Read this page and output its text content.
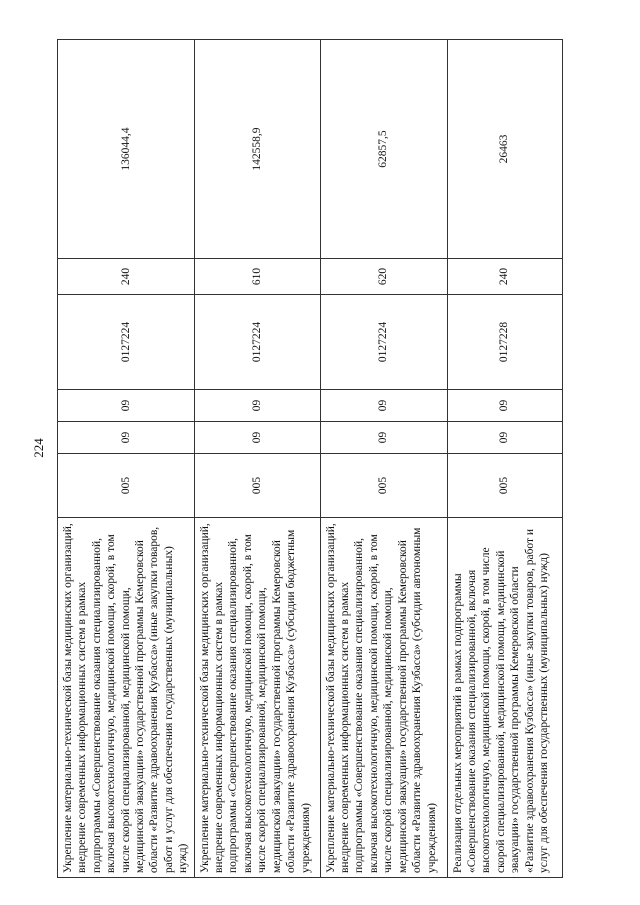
224
Укрепление материально-технической базы медицинских организаций, внедрение современных информационных систем в рамках подпрограммы «Совершенствование оказания специализированной, включая высокотехнологичную, медицинской помощи, скорой, в том числе скорой специализированной, медицинской помощи, медицинской эвакуации» государственной программы Кемеровской области «Развитие здравоохранения Кузбасса» (иные закупки товаров, работ и услуг для обеспечения государственных (муниципальных) нужд)	005	09	09	0127224	240	136044,4
Укрепление материально-технической базы медицинских организаций, внедрение современных информационных систем в рамках подпрограммы «Совершенствование оказания специализированной, включая высокотехнологичную, медицинской помощи, скорой, в том числе скорой специализированной, медицинской помощи, медицинской эвакуации» государственной программы Кемеровской области «Развитие здравоохранения Кузбасса» (субсидии бюджетным учреждениям)	005	09	09	0127224	610	142558,9
Укрепление материально-технической базы медицинских организаций, внедрение современных информационных систем в рамках подпрограммы «Совершенствование оказания специализированной, включая высокотехнологичную, медицинской помощи, скорой, в том числе скорой специализированной, медицинской помощи, медицинской эвакуации» государственной программы Кемеровской области «Развитие здравоохранения Кузбасса» (субсидии автономным учреждениям)	005	09	09	0127224	620	62857,5
Реализация отдельных мероприятий в рамках подпрограммы «Совершенствование оказания специализированной, включая высокотехнологичную, медицинской помощи, скорой, в том числе скорой специализированной, медицинской помощи, медицинской эвакуации» государственной программы Кемеровской области «Развитие здравоохранения Кузбасса» (иные закупки товаров, работ и услуг для обеспечения государственных (муниципальных) нужд)	005	09	09	0127228	240	26463
